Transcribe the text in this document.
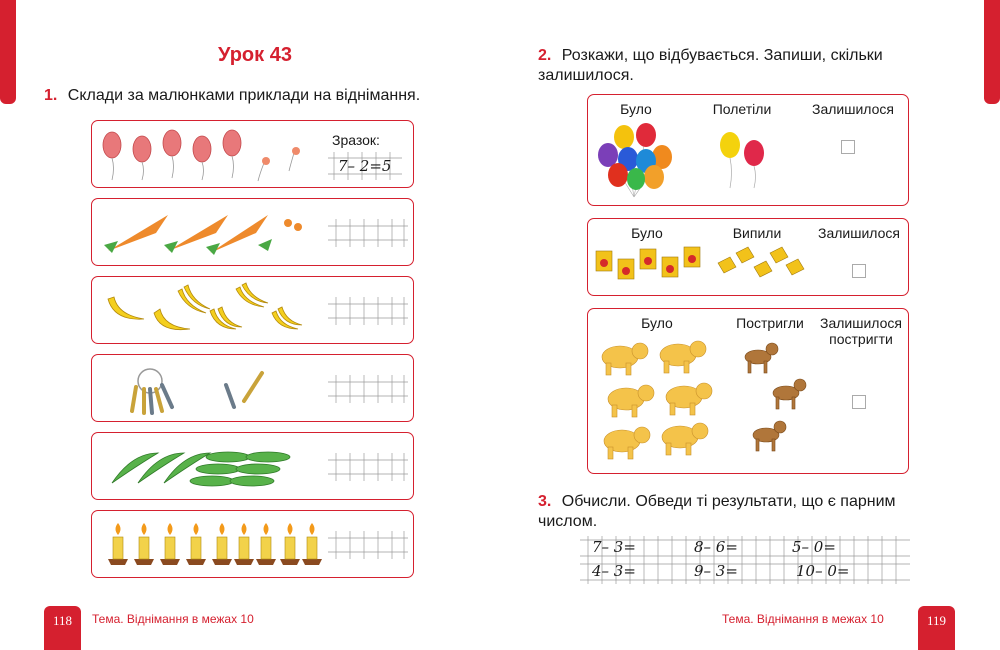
Урок 43
1. Склади за малюнками приклади на віднімання.
Зразок:
7– 2=5
118	Тема. Віднімання в межах 10
2. Розкажи, що відбувається. Запиши, скільки залишилося.
Було	Полетіли	Залишилося
Було	Випили	Залишилося
Було	Постригли	Залишилося
постригти
3. Обчисли. Обведи ті результати, що є парним числом.
7– 3=	8– 6=	5– 0=
4– 3=	9– 3=	10– 0=
Тема. Віднімання в межах 10	119
